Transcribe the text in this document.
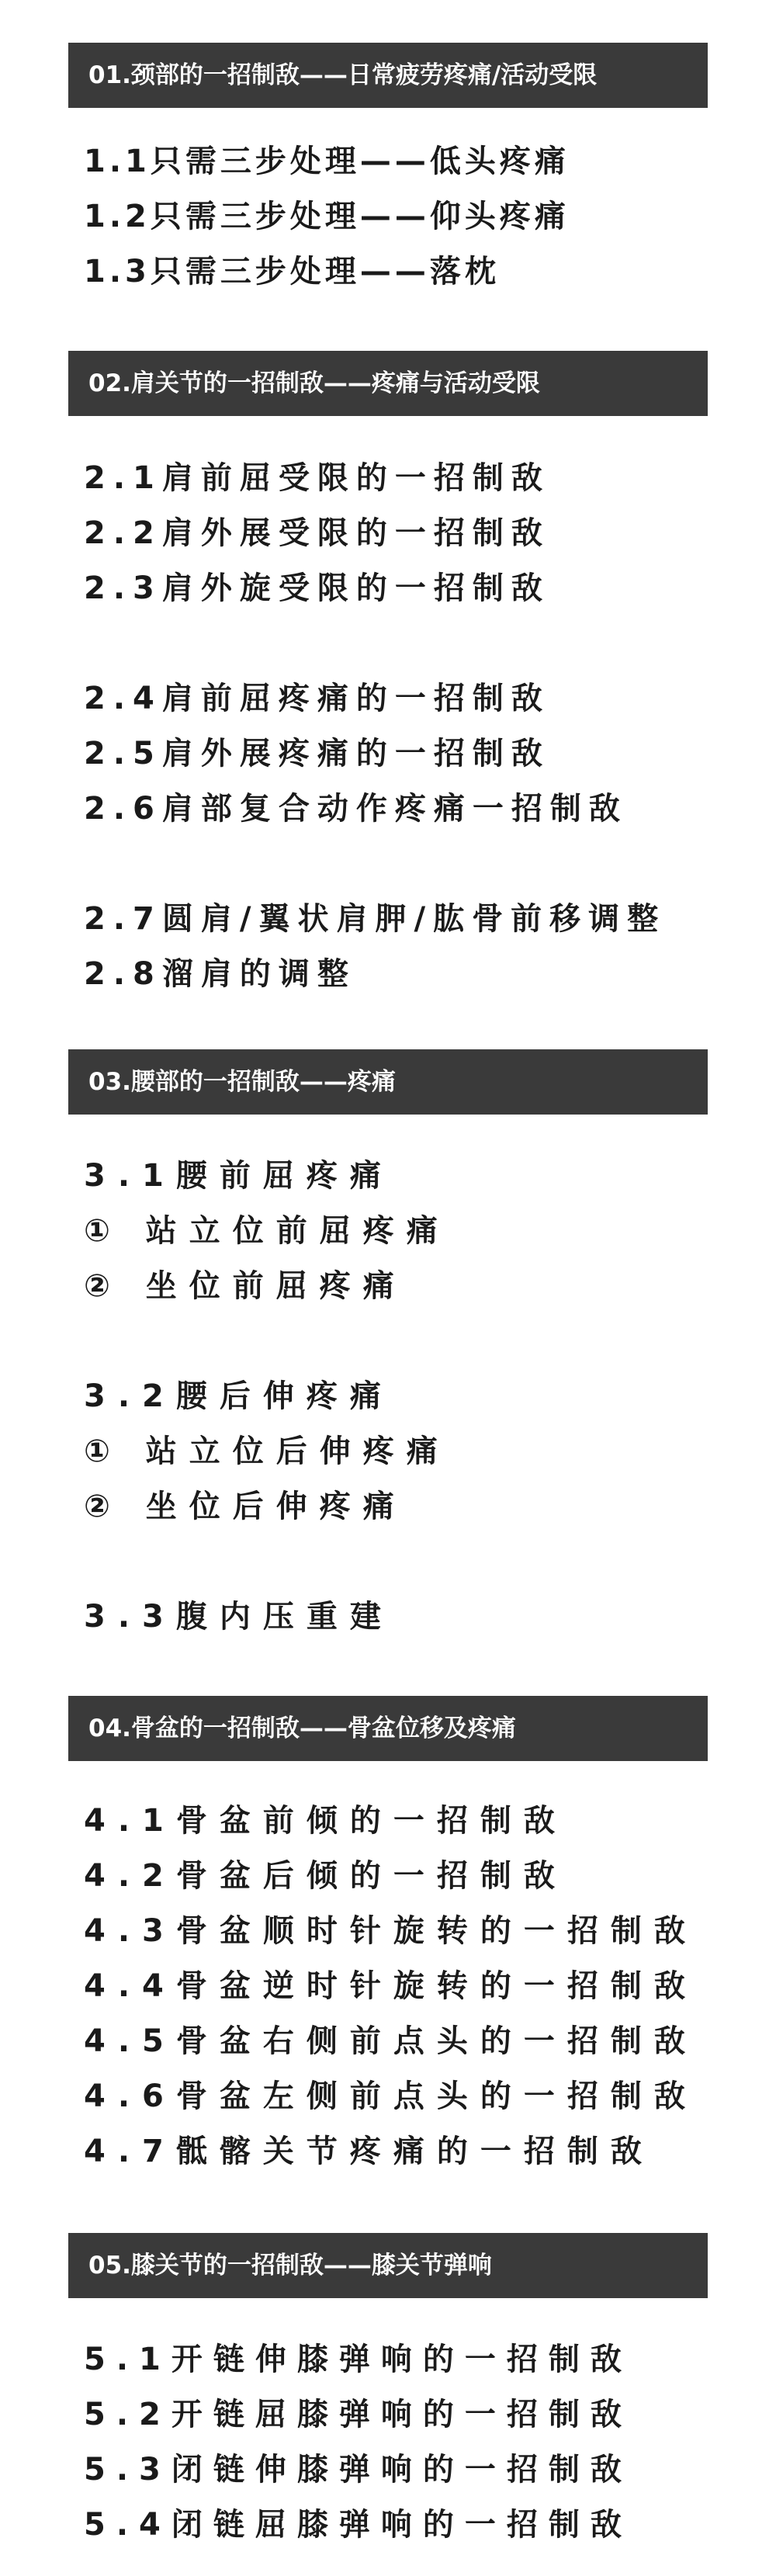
01.颈部的一招制敌——日常疲劳疼痛/活动受限
1.1只需三步处理——低头疼痛
1.2只需三步处理——仰头疼痛
1.3只需三步处理——落枕
02.肩关节的一招制敌——疼痛与活动受限
2.1肩前屈受限的一招制敌
2.2肩外展受限的一招制敌
2.3肩外旋受限的一招制敌
2.4肩前屈疼痛的一招制敌
2.5肩外展疼痛的一招制敌
2.6肩部复合动作疼痛一招制敌
2.7圆肩/翼状肩胛/肱骨前移调整
2.8溜肩的调整
03.腰部的一招制敌——疼痛
3.1腰前屈疼痛
① 站立位前屈疼痛
② 坐位前屈疼痛
3.2腰后伸疼痛
① 站立位后伸疼痛
② 坐位后伸疼痛
3.3腹内压重建
04.骨盆的一招制敌——骨盆位移及疼痛
4.1骨盆前倾的一招制敌
4.2骨盆后倾的一招制敌
4.3骨盆顺时针旋转的一招制敌
4.4骨盆逆时针旋转的一招制敌
4.5骨盆右侧前点头的一招制敌
4.6骨盆左侧前点头的一招制敌
4.7骶髂关节疼痛的一招制敌
05.膝关节的一招制敌——膝关节弹响
5.1开链伸膝弹响的一招制敌
5.2开链屈膝弹响的一招制敌
5.3闭链伸膝弹响的一招制敌
5.4闭链屈膝弹响的一招制敌
